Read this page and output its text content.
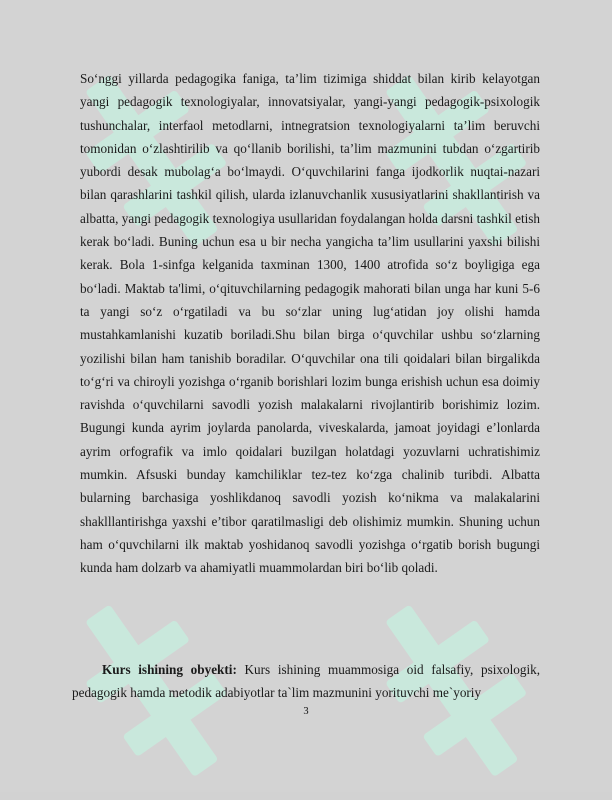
So‘nggi yillarda pedagogika faniga, ta’lim tizimiga shiddat bilan kirib kelayotgan yangi pedagogik texnologiyalar, innovatsiyalar, yangi-yangi pedagogik-psixologik tushunchalar, interfaol metodlarni, intnegratsion texnologiyalarni ta’lim beruvchi tomonidan o‘zlashtirilib va qo‘llanib borilishi, ta’lim mazmunini tubdan o‘zgartirib yubordi desak mubolag‘a bo‘lmaydi. O‘quvchilarini fanga ijodkorlik nuqtai-nazari bilan qarashlarini tashkil qilish, ularda izlanuvchanlik xususiyatlarini shakllantirish va albatta, yangi pedagogik texnologiya usullaridan foydalangan holda darsni tashkil etish kerak bo‘ladi. Buning uchun esa u bir necha yangicha ta’lim usullarini yaxshi bilishi kerak. Bola 1-sinfga kelganida taxminan 1300, 1400 atrofida so‘z boyligiga ega bo‘ladi. Maktab ta'limi, o‘qituvchilarning pedagogik mahorati bilan unga har kuni 5-6 ta yangi so‘z o‘rgatiladi va bu so‘zlar uning lug‘atidan joy olishi hamda mustahkamlanishi kuzatib boriladi.Shu bilan birga o‘quvchilar ushbu so‘zlarning yozilishi bilan ham tanishib boradilar. O‘quvchilar ona tili qoidalari bilan birgalikda to‘g‘ri va chiroyli yozishga o‘rganib borishlari lozim bunga erishish uchun esa doimiy ravishda o‘quvchilarni savodli yozish malakalarni rivojlantirib borishimiz lozim. Bugungi kunda ayrim joylarda panolarda, viveskalarda, jamoat joyidagi e’lonlarda ayrim orfografik va imlo qoidalari buzilgan holatdagi yozuvlarni uchratishimiz mumkin. Afsuski bunday kamchiliklar tez-tez ko‘zga chalinib turibdi. Albatta bularning barchasiga yoshlikdanoq savodli yozish ko‘nikma va malakalarini shaklllantirishga yaxshi e’tibor qaratilmasligi deb olishimiz mumkin. Shuning uchun ham o‘quvchilarni ilk maktab yoshidanoq savodli yozishga o‘rgatib borish bugungi kunda ham dolzarb va ahamiyatli muammolardan biri bo‘lib qoladi.

Kurs ishining obyekti: Kurs ishining muammosiga oid falsafiy, psixologik, pedagogik hamda metodik adabiyotlar ta`lim mazmunini yorituvchi me`yoriy

3
